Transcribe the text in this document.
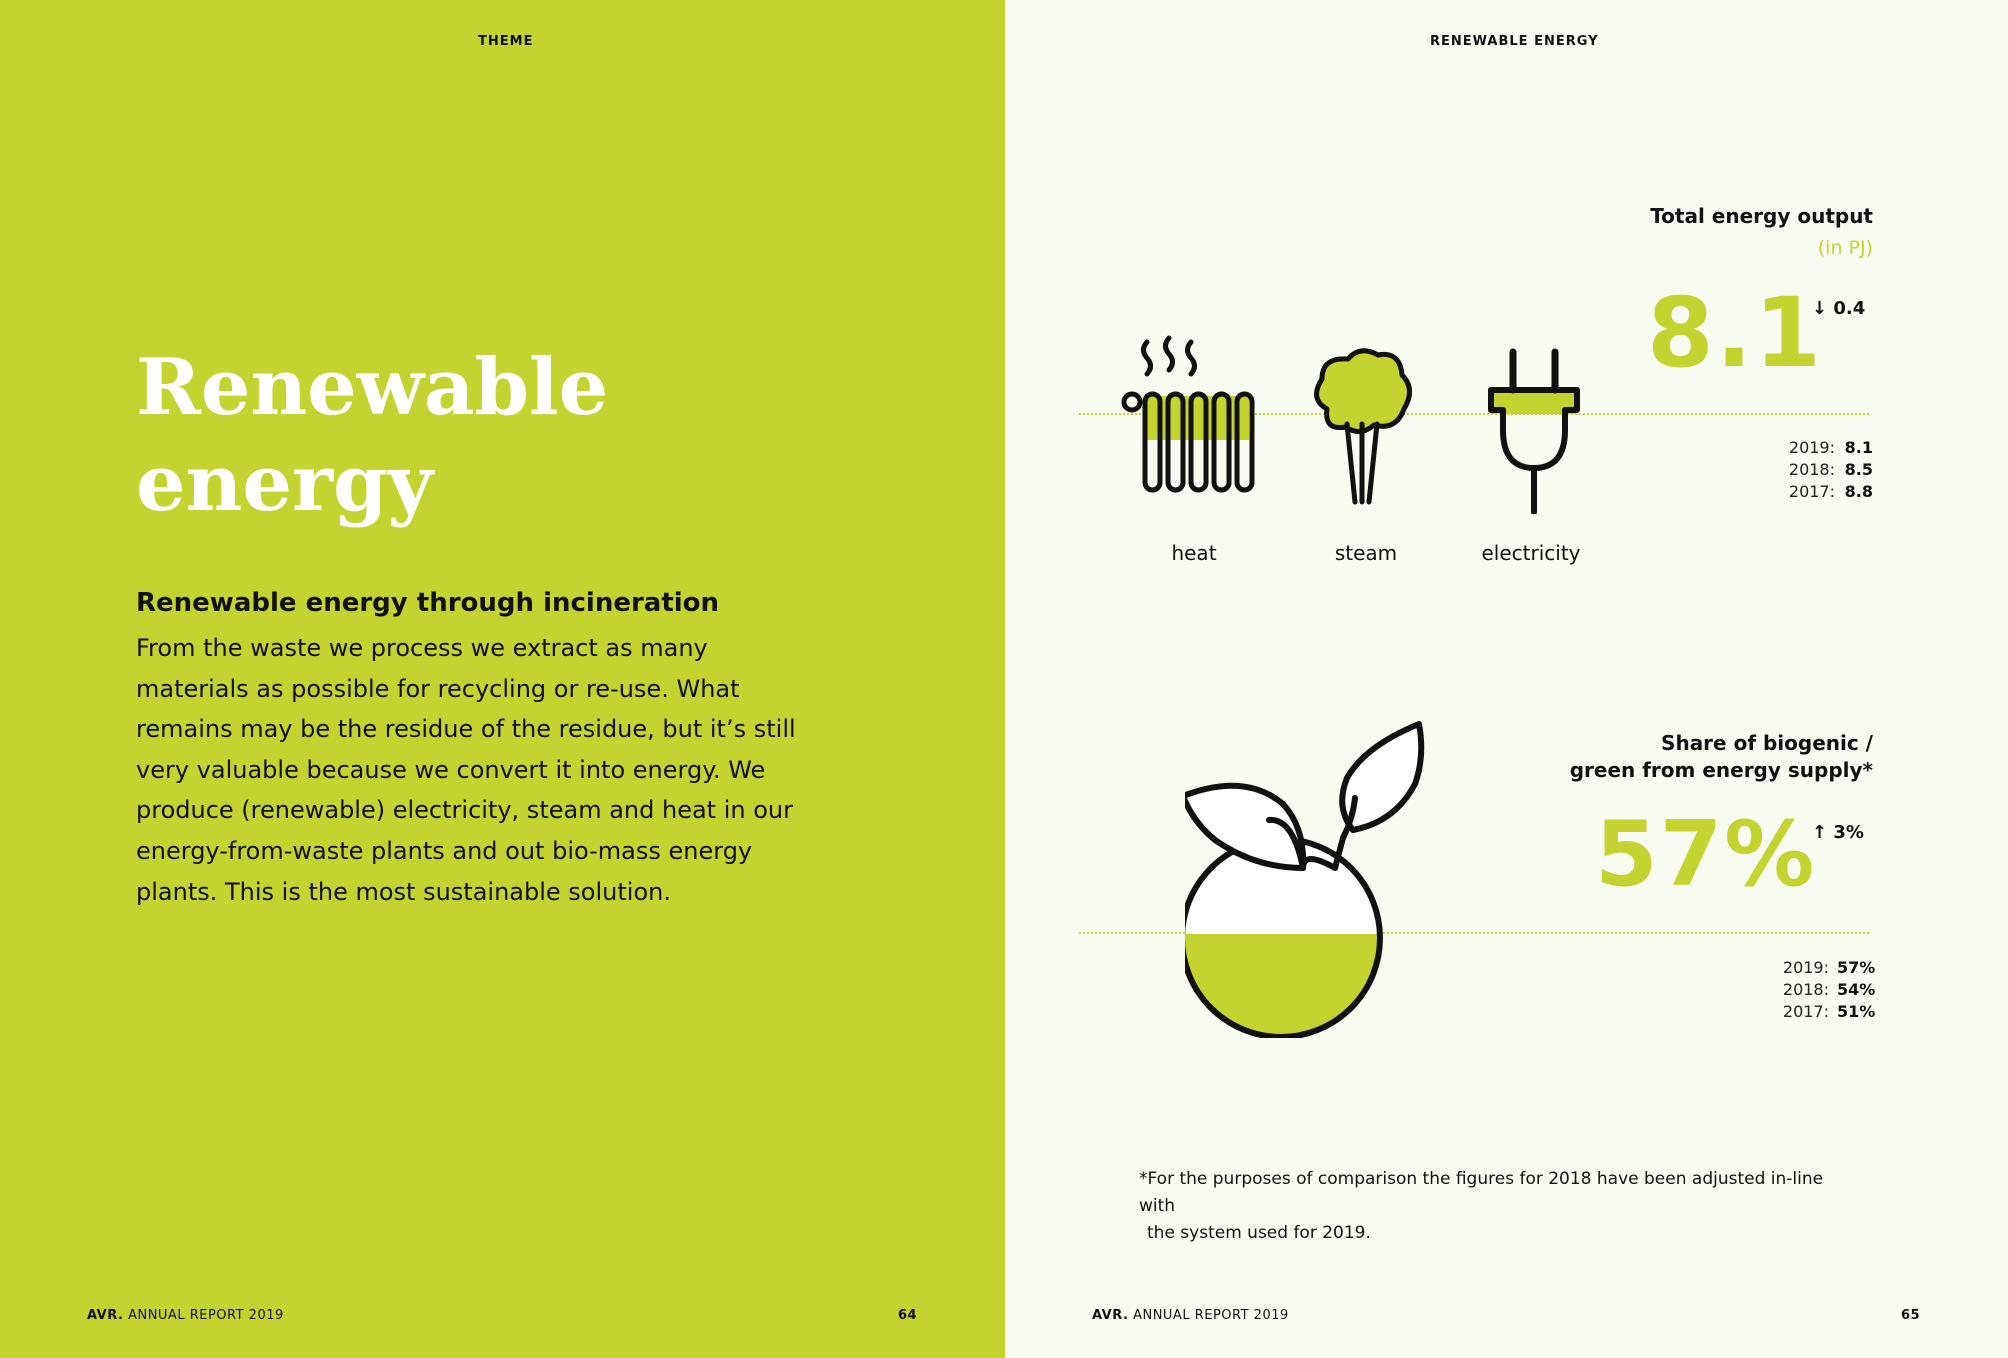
THEME
Renewable
energy
Renewable energy through incineration

From the waste we process we extract as many materials as possible for recycling or re-use. What remains may be the residue of the residue, but it’s still very valuable because we convert it into energy. We produce (renewable) electricity, steam and heat in our energy-from-waste plants and out bio-mass energy plants. This is the most sustainable solution.

AVR. ANNUAL REPORT 2019	64
RENEWABLE ENERGY

Total energy output

(in PJ)
8.1
↓ 0.4
2019: 8.1
2018: 8.5
2017: 8.8
heat	steam	electricity

Share of biogenic /
green from energy supply*

57%
↑ 3%
2019: 57%
2018: 54%
2017: 51%

*For the purposes of comparison the figures for 2018 have been adjusted in-line with
the system used for 2019.

AVR. ANNUAL REPORT 2019	65
